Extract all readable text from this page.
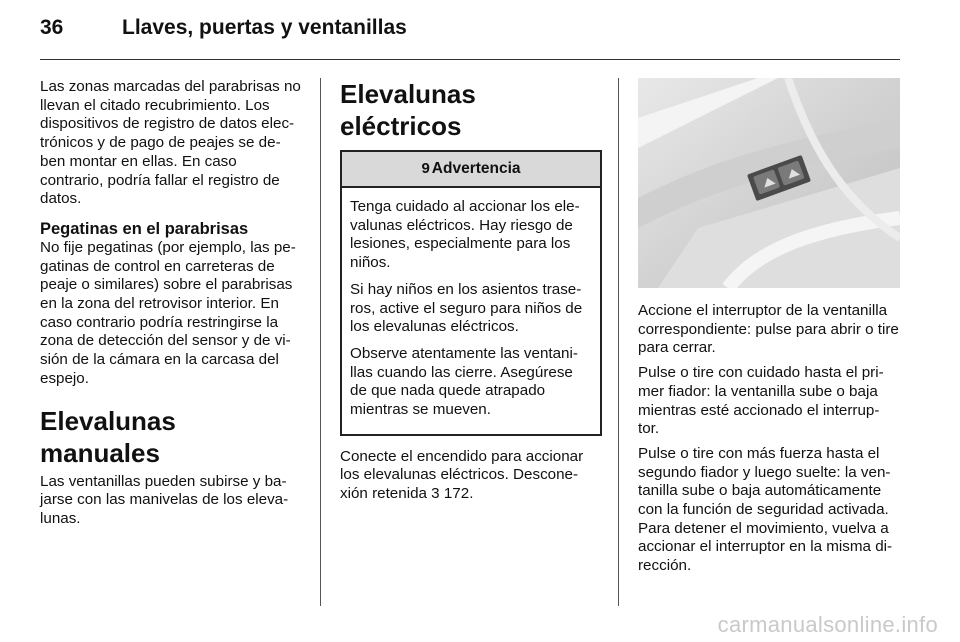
36	Llaves, puertas y ventanillas

Las zonas marcadas del parabrisas no llevan el citado recubrimiento. Los dispositivos de registro de datos elec-trónicos y de pago de peajes se de-ben montar en ellas. En caso contrario, podría fallar el registro de datos.

Pegatinas en el parabrisas

No fije pegatinas (por ejemplo, las pe-gatinas de control en carreteras de peaje o similares) sobre el parabrisas en la zona del retrovisor interior. En caso contrario podría restringirse la zona de detección del sensor y de vi-sión de la cámara en la carcasa del espejo.

Elevalunas manuales

Las ventanillas pueden subirse y ba-jarse con las manivelas de los eleva-lunas.

Elevalunas eléctricos
9 Advertencia

Tenga cuidado al accionar los ele-valunas eléctricos. Hay riesgo de lesiones, especialmente para los niños.

Si hay niños en los asientos trase-ros, active el seguro para niños de los elevalunas eléctricos.

Observe atentamente las ventani-llas cuando las cierre. Asegúrese de que nada quede atrapado mientras se mueven.

Conecte el encendido para accionar los elevalunas eléctricos. Descone-xión retenida 3 172.

Accione el interruptor de la ventanilla correspondiente: pulse para abrir o tire para cerrar.

Pulse o tire con cuidado hasta el pri-mer fiador: la ventanilla sube o baja mientras esté accionado el interrup-tor.

Pulse o tire con más fuerza hasta el segundo fiador y luego suelte: la ven-tanilla sube o baja automáticamente con la función de seguridad activada. Para detener el movimiento, vuelva a accionar el interruptor en la misma di-rección.

carmanualsonline.info
